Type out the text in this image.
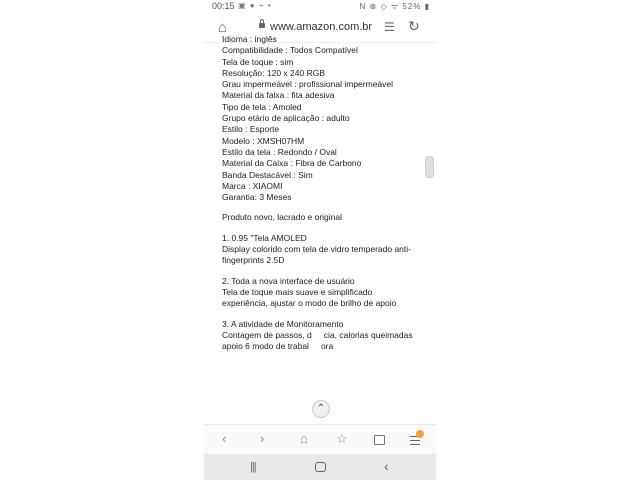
00:15 ▣ ● ⌁ •	N ⊗ ◇ ᯤ 52% ▮
⌂	www.amazon.com.br ☰ ↻
Idioma : inglês
Compatibilidade : Todos Compatível
Tela de toque : sim
Resolução: 120 x 240 RGB
Grau impermeável : profissional impermeável
Material da faixa : fita adesiva
Tipo de tela : Amoled
Grupo etário de aplicação : adulto
Estilo : Esporte
Modelo : XMSH07HM
Estilo da tela : Redondo / Oval
Material da Caixa : Fibra de Carbono
Banda Destacável : Sim
Marca : XIAOMI
Garantia: 3 Meses
Produto novo, lacrado e original
1. 0.95 "Tela AMOLED
Display colorido com tela de vidro temperado anti-fingerprints 2.5D
2. Toda a nova interface de usuário
Tela de toque mais suave e simplificado
experiência, ajustar o modo de brilho de apoio
3. A atividade de Monitoramento
Contagem de passos, d cia, calorias queimadas
apoio 6 modo de trabal ora
⌃
‹	›	⌂ ☆
|||	‹
